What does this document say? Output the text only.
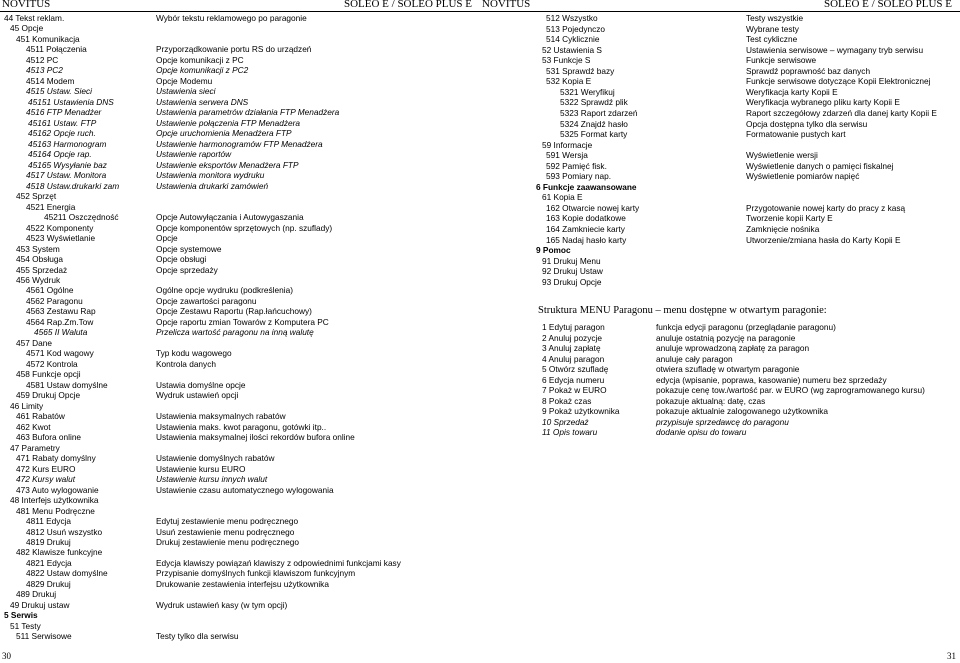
NOVITUS	SOLEO E / SOLEO PLUS E
44 Tekst reklam.	Wybór tekstu reklamowego po paragonie
45 Opcje
451 Komunikacja
4511 Połączenia	Przyporządkowanie portu RS do urządzeń
4512 PC	Opcje komunikacji z PC
4513 PC2	Opcje komunikacji z PC2
4514 Modem	Opcje Modemu
4515 Ustaw. Sieci	Ustawienia sieci
45151 Ustawienia DNS	Ustawienia serwera DNS
4516 FTP Menadżer	Ustawienia parametrów działania FTP Menadżera
45161 Ustaw. FTP	Ustawienie połączenia FTP Menadżera
45162 Opcje ruch.	Opcje uruchomienia Menadżera FTP
45163 Harmonogram	Ustawienie harmonogramów FTP Menadżera
45164 Opcje rap.	Ustawienie raportów
45165 Wysyłanie baz	Ustawienie eksportów Menadżera FTP
4517 Ustaw. Monitora	Ustawienia monitora wydruku
4518 Ustaw.drukarki zam	Ustawienia drukarki zamówień
452 Sprzęt
4521 Energia
45211 Oszczędność	Opcje Autowyłączania i Autowygaszania
4522 Komponenty	Opcje komponentów sprzętowych (np. szuflady)
4523 Wyświetlanie	Opcje
453 System	Opcje systemowe
454 Obsługa	Opcje obsługi
455 Sprzedaż	Opcje sprzedaży
456 Wydruk
4561 Ogólne	Ogólne opcje wydruku (podkreślenia)
4562 Paragonu	Opcje zawartości paragonu
4563 Zestawu Rap	Opcje Zestawu Raportu (Rap.łańcuchowy)
4564 Rap.Zm.Tow	Opcje raportu zmian Towarów z Komputera PC
4565 II Waluta	Przelicza wartość paragonu na inną walutę
457 Dane
4571 Kod wagowy	Typ kodu wagowego
4572 Kontrola	Kontrola danych
458 Funkcje opcji
4581 Ustaw domyślne	Ustawia domyślne opcje
459 Drukuj Opcje	Wydruk ustawień opcji
46 Limity
461 Rabatów	Ustawienia maksymalnych rabatów
462 Kwot	Ustawienia maks. kwot paragonu, gotówki itp..
463 Bufora online	Ustawienia maksymalnej ilości rekordów bufora online
47 Parametry
471 Rabaty domyślny	Ustawienie domyślnych rabatów
472 Kurs EURO	Ustawienie kursu EURO
472 Kursy walut	Ustawienie kursu innych walut
473 Auto wylogowanie	Ustawienie czasu automatycznego wylogowania
48 Interfejs użytkownika
481 Menu Podręczne
4811 Edycja	Edytuj zestawienie menu podręcznego
4812 Usuń wszystko	Usuń zestawienie menu podręcznego
4819 Drukuj	Drukuj zestawienie menu podręcznego
482 Klawisze funkcyjne
4821 Edycja	Edycja klawiszy powiązań klawiszy z odpowiednimi funkcjami kasy
4822 Ustaw domyślne	Przypisanie domyślnych funkcji klawiszom funkcyjnym
4829 Drukuj	Drukowanie zestawienia interfejsu użytkownika
489 Drukuj
49 Drukuj ustaw	Wydruk ustawień kasy (w tym opcji)
5 Serwis
51 Testy
511 Serwisowe	Testy tylko dla serwisu
30
NOVITUS	SOLEO E / SOLEO PLUS E
512 Wszystko	Testy wszystkie
513 Pojedynczo	Wybrane testy
514 Cyklicznie	Test cykliczne
52 Ustawienia S	Ustawienia serwisowe – wymagany tryb serwisu
53 Funkcje S	Funkcje serwisowe
531 Sprawdź bazy	Sprawdź poprawność baz danych
532 Kopia E	Funkcje serwisowe dotyczące Kopii Elektronicznej
5321 Weryfikuj	Weryfikacja karty Kopii E
5322 Sprawdź plik	Weryfikacja wybranego pliku karty Kopii E
5323 Raport zdarzeń	Raport szczegółowy zdarzeń dla danej karty Kopii E
5324 Znajdź hasło	Opcja dostępna tylko dla serwisu
5325 Format karty	Formatowanie pustych kart
59 Informacje
591 Wersja	Wyświetlenie wersji
592 Pamięć fisk.	Wyświetlenie danych o pamięci fiskalnej
593 Pomiary nap.	Wyświetlenie pomiarów napięć
6 Funkcje zaawansowane
61 Kopia E
162 Otwarcie nowej karty	Przygotowanie nowej karty do pracy z kasą
163 Kopie dodatkowe	Tworzenie kopii Karty E
164 Zamkniecie karty	Zamknięcie nośnika
165 Nadaj hasło karty	Utworzenie/zmiana hasła do Karty Kopii E
9 Pomoc
91 Drukuj Menu
92 Drukuj Ustaw
93 Drukuj Opcje
1 Edytuj paragon	funkcja edycji paragonu (przeglądanie paragonu)
2 Anuluj pozycje	anuluje ostatnią pozycję na paragonie
3 Anuluj zapłatę	anuluje wprowadzoną zapłatę za paragon
4 Anuluj paragon	anuluje cały paragon
5 Otwórz szufladę	otwiera szufladę w otwartym paragonie
6 Edycja numeru	edycja (wpisanie, poprawa, kasowanie) numeru bez sprzedaży
7 Pokaż w EURO	pokazuje cenę tow./wartość par. w EURO (wg zaprogramowanego kursu)
8 Pokaż czas	pokazuje aktualną: datę, czas
9 Pokaż użytkownika	pokazuje aktualnie zalogowanego użytkownika
10 Sprzedaż	przypisuje sprzedawcę do paragonu
11 Opis towaru	dodanie opisu do towaru
31
Struktura MENU Paragonu – menu dostępne w otwartym paragonie:
